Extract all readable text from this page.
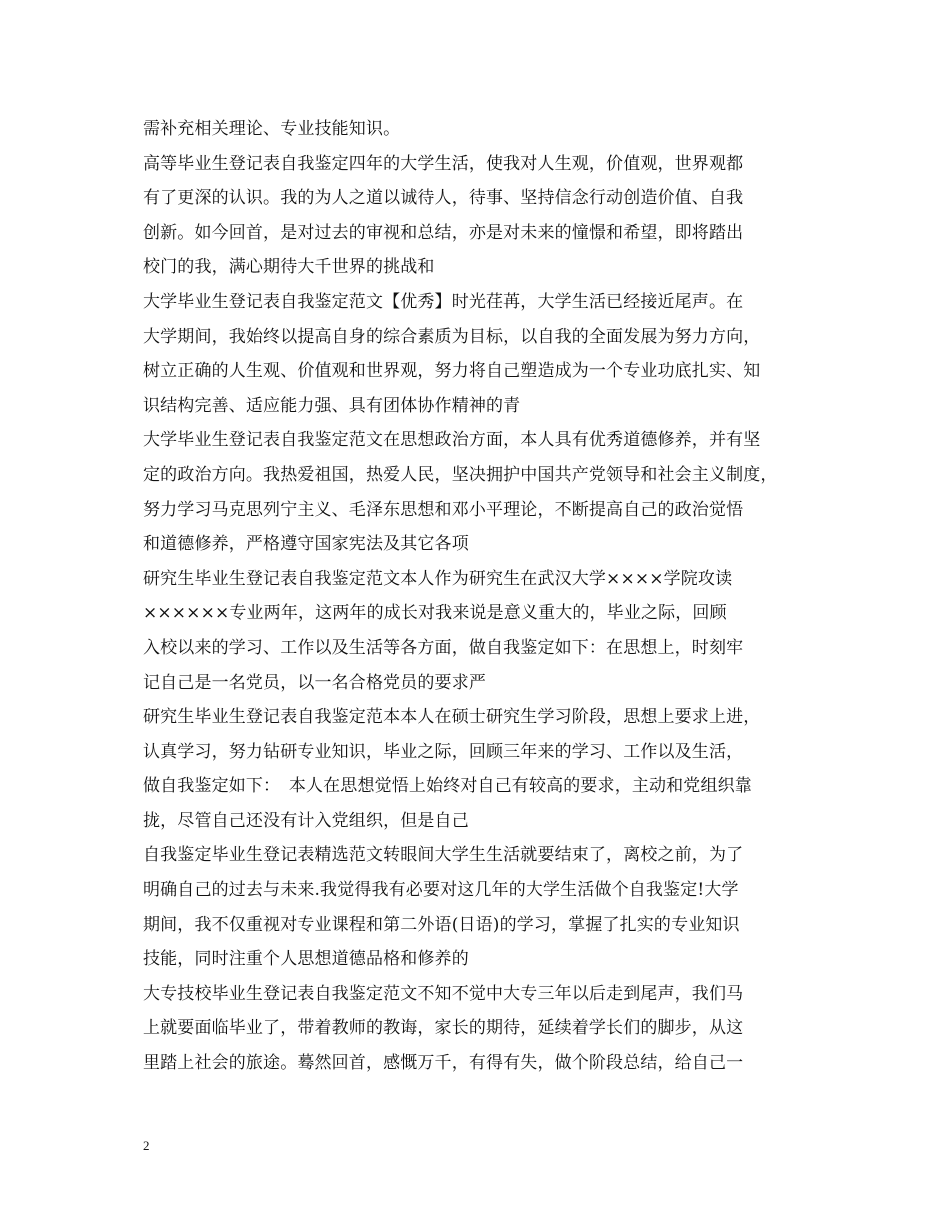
需补充相关理论、专业技能知识。
高等毕业生登记表自我鉴定四年的大学生活，使我对人生观，价值观，世界观都
有了更深的认识。我的为人之道以诚待人，待事、坚持信念行动创造价值、自我
创新。如今回首，是对过去的审视和总结，亦是对未来的憧憬和希望，即将踏出
校门的我，满心期待大千世界的挑战和
大学毕业生登记表自我鉴定范文【优秀】时光荏苒，大学生活已经接近尾声。在
大学期间，我始终以提高自身的综合素质为目标，以自我的全面发展为努力方向，
树立正确的人生观、价值观和世界观，努力将自己塑造成为一个专业功底扎实、知
识结构完善、适应能力强、具有团体协作精神的青
大学毕业生登记表自我鉴定范文在思想政治方面，本人具有优秀道德修养，并有坚
定的政治方向。我热爱祖国，热爱人民，坚决拥护中国共产党领导和社会主义制度，
努力学习马克思列宁主义、毛泽东思想和邓小平理论，不断提高自己的政治觉悟
和道德修养，严格遵守国家宪法及其它各项
研究生毕业生登记表自我鉴定范文本人作为研究生在武汉大学××××学院攻读
××××××专业两年，这两年的成长对我来说是意义重大的，毕业之际，回顾
入校以来的学习、工作以及生活等各方面，做自我鉴定如下：在思想上，时刻牢
记自己是一名党员，以一名合格党员的要求严
研究生毕业生登记表自我鉴定范本本人在硕士研究生学习阶段，思想上要求上进，
认真学习，努力钻研专业知识，毕业之际，回顾三年来的学习、工作以及生活，
做自我鉴定如下：　本人在思想觉悟上始终对自己有较高的要求，主动和党组织靠
拢，尽管自己还没有计入党组织，但是自己
自我鉴定毕业生登记表精选范文转眼间大学生生活就要结束了，离校之前，为了
明确自己的过去与未来.我觉得我有必要对这几年的大学生活做个自我鉴定!大学
期间，我不仅重视对专业课程和第二外语(日语)的学习，掌握了扎实的专业知识
技能，同时注重个人思想道德品格和修养的
大专技校毕业生登记表自我鉴定范文不知不觉中大专三年以后走到尾声，我们马
上就要面临毕业了，带着教师的教诲，家长的期待，延续着学长们的脚步，从这
里踏上社会的旅途。蓦然回首，感慨万千，有得有失，做个阶段总结，给自己一
2
